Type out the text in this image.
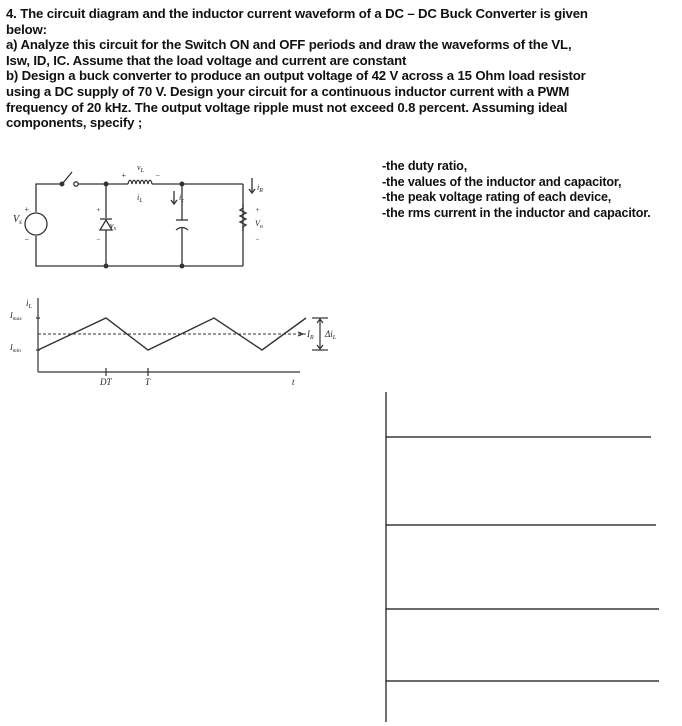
4. The circuit diagram and the inductor current waveform of a DC – DC Buck Converter is given
below:
a) Analyze this circuit for the Switch ON and OFF periods and draw the waveforms of the VL,
Isw, ID, IC. Assume that the load voltage and current are constant
b) Design a buck converter to produce an output voltage of 42 V across a 15 Ohm load resistor
using a DC supply of 70 V. Design your circuit for a continuous inductor current with a PWM
frequency of 20 kHz. The output voltage ripple must not exceed 0.8 percent. Assuming ideal
components, specify ;
-the duty ratio,
-the values of the inductor and capacitor,
-the peak voltage rating of each device,
-the rms current in the inductor and capacitor.
$V_s$
+
−
$v_L$
+	−
$i_L$	$i_c$
$i_R$
$v_x$
+
−
$V_o$
+
−
$i_L$
$I_{max}$
$I_{min}$
$I_R$ $\Delta i_L$
DT	T	t
